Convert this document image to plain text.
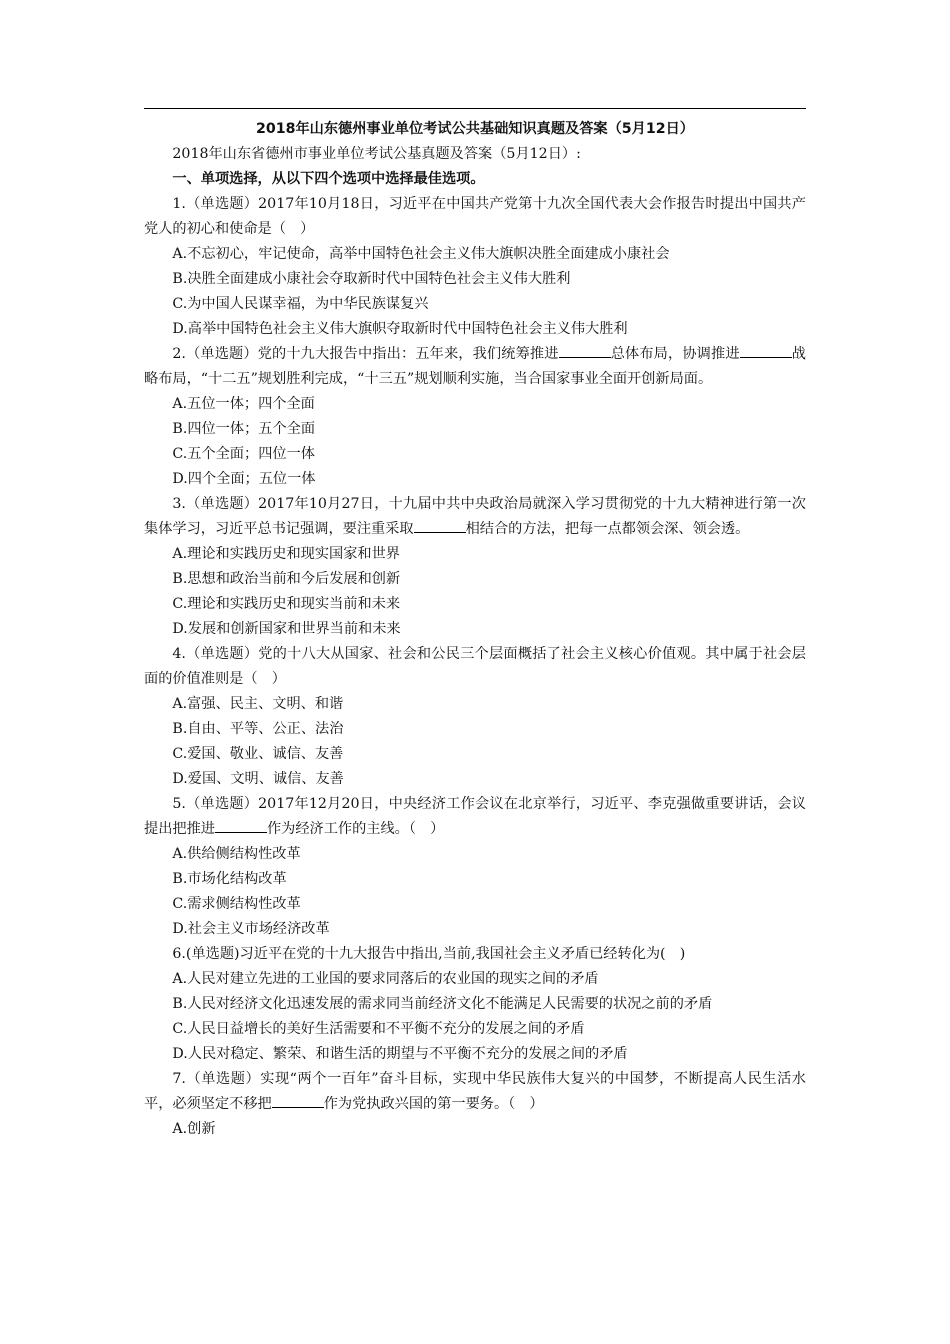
2018年山东德州事业单位考试公共基础知识真题及答案（5月12日）

2018年山东省德州市事业单位考试公基真题及答案（5月12日）:

一、单项选择，从以下四个选项中选择最佳选项。

1.（单选题）2017年10月18日，习近平在中国共产党第十九次全国代表大会作报告时提出中国共产党人的初心和使命是（　）

A.不忘初心，牢记使命，高举中国特色社会主义伟大旗帜决胜全面建成小康社会

B.决胜全面建成小康社会夺取新时代中国特色社会主义伟大胜利

C.为中国人民谋幸福，为中华民族谋复兴

D.高举中国特色社会主义伟大旗帜夺取新时代中国特色社会主义伟大胜利

2.（单选题）党的十九大报告中指出：五年来，我们统筹推进	总体布局，协调推进	战略布局，“十二五”规划胜利完成，“十三五”规划顺利实施，当合国家事业全面开创新局面。

A.五位一体；四个全面

B.四位一体；五个全面

C.五个全面；四位一体

D.四个全面；五位一体

3.（单选题）2017年10月27日，十九届中共中央政治局就深入学习贯彻党的十九大精神进行第一次集体学习，习近平总书记强调，要注重采取	相结合的方法，把每一点都领会深、领会透。

A.理论和实践历史和现实国家和世界

B.思想和政治当前和今后发展和创新

C.理论和实践历史和现实当前和未来

D.发展和创新国家和世界当前和未来

4.（单选题）党的十八大从国家、社会和公民三个层面概括了社会主义核心价值观。其中属于社会层面的价值准则是（　）

A.富强、民主、文明、和谐

B.自由、平等、公正、法治

C.爱国、敬业、诚信、友善

D.爱国、文明、诚信、友善

5.（单选题）2017年12月20日，中央经济工作会议在北京举行，习近平、李克强做重要讲话，会议提出把推进	作为经济工作的主线。（　）

A.供给侧结构性改革

B.市场化结构改革

C.需求侧结构性改革

D.社会主义市场经济改革

6.(单选题)习近平在党的十九大报告中指出,当前,我国社会主义矛盾已经转化为(　)

A.人民对建立先进的工业国的要求同落后的农业国的现实之间的矛盾

B.人民对经济文化迅速发展的需求同当前经济文化不能满足人民需要的状况之前的矛盾

C.人民日益增长的美好生活需要和不平衡不充分的发展之间的矛盾

D.人民对稳定、繁荣、和谐生活的期望与不平衡不充分的发展之间的矛盾

7.（单选题）实现“两个一百年”奋斗目标，实现中华民族伟大复兴的中国梦，不断提高人民生活水平，必须坚定不移把	作为党执政兴国的第一要务。（　）

A.创新
